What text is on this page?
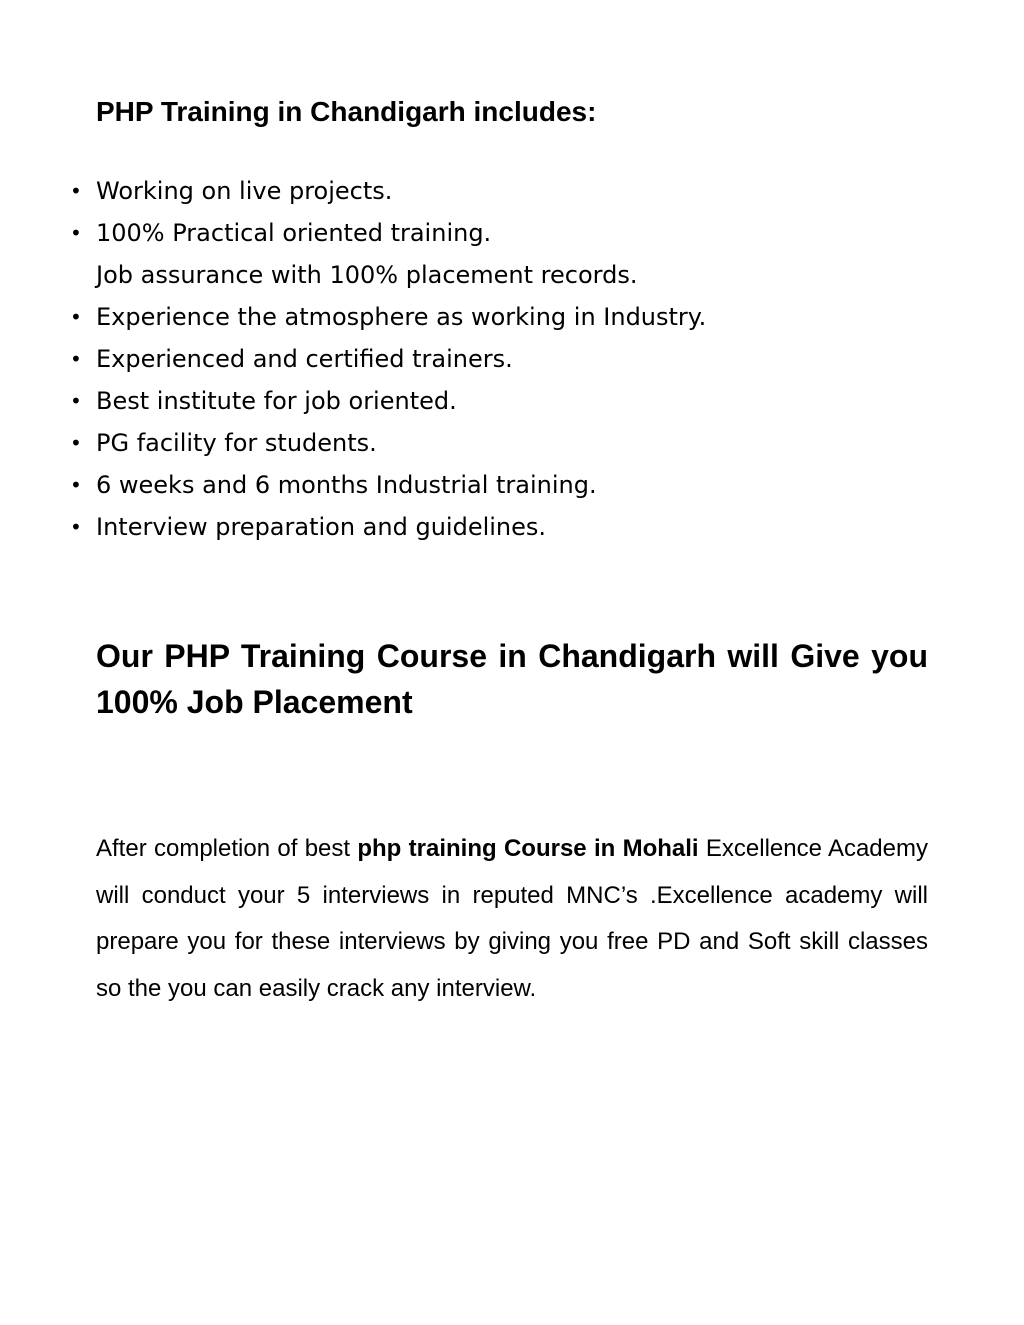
PHP Training in Chandigarh includes:
• Working on live projects.
• 100% Practical oriented training.
Job assurance with 100% placement records.
• Experience the atmosphere as working in Industry.
• Experienced and certified trainers.
• Best institute for job oriented.
• PG facility for students.
• 6 weeks and 6 months Industrial training.
• Interview preparation and guidelines.
Our PHP Training Course in Chandigarh will Give you 100% Job Placement

After completion of best php training Course in Mohali Excellence Academy will conduct your 5 interviews in reputed MNC’s .Excellence academy will prepare you for these interviews by giving you free PD and Soft skill classes so the you can easily crack any interview.
